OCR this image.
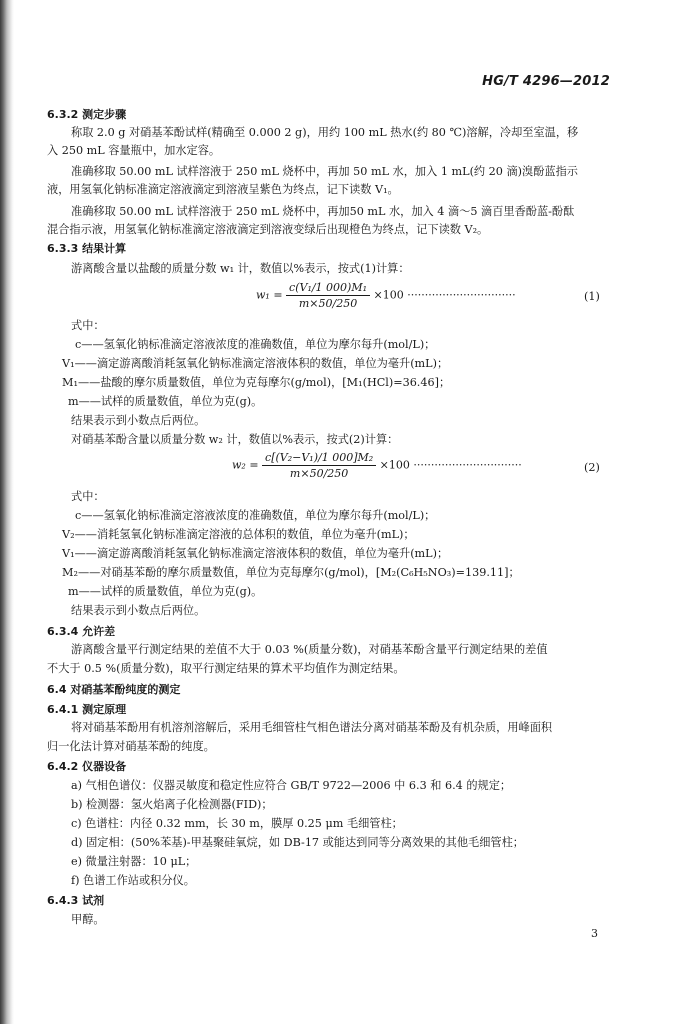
HG/T 4296—2012
6.3.2 测定步骤
称取 2.0 g 对硝基苯酚试样(精确至 0.000 2 g)，用约 100 mL 热水(约 80 ℃)溶解，冷却至室温，移
入 250 mL 容量瓶中，加水定容。
准确移取 50.00 mL 试样溶液于 250 mL 烧杯中，再加 50 mL 水，加入 1 mL(约 20 滴)溴酚蓝指示
液，用氢氧化钠标准滴定溶液滴定到溶液呈紫色为终点，记下读数 V₁。
准确移取 50.00 mL 试样溶液于 250 mL 烧杯中，再加50 mL 水，加入 4 滴～5 滴百里香酚蓝-酚酞
混合指示液，用氢氧化钠标准滴定溶液滴定到溶液变绿后出现橙色为终点，记下读数 V₂。
6.3.3 结果计算
游离酸含量以盐酸的质量分数 w₁ 计，数值以%表示，按式(1)计算：
$w_1 = \frac{\text{c(V₁/1 000)M₁}}{m\times 50/250} \times 100$ ·······························	(1)
式中：
c——氢氧化钠标准滴定溶液浓度的准确数值，单位为摩尔每升(mol/L)；
V₁——滴定游离酸消耗氢氧化钠标准滴定溶液体积的数值，单位为毫升(mL)；
M₁——盐酸的摩尔质量数值，单位为克每摩尔(g/mol)，[M₁(HCl)=36.46]；
m——试样的质量数值，单位为克(g)。
结果表示到小数点后两位。
对硝基苯酚含量以质量分数 w₂ 计，数值以%表示，按式(2)计算：
$w_2 = \frac{\text{c[(V₂−V₁)/1 000]M₂}}{m\times 50/250} \times 100$ ·······························	(2)
式中：
c——氢氧化钠标准滴定溶液浓度的准确数值，单位为摩尔每升(mol/L)；
V₂——消耗氢氧化钠标准滴定溶液的总体积的数值，单位为毫升(mL)；
V₁——滴定游离酸消耗氢氧化钠标准滴定溶液体积的数值，单位为毫升(mL)；
M₂——对硝基苯酚的摩尔质量数值，单位为克每摩尔(g/mol)，[M₂(C₆H₅NO₃)=139.11]；
m——试样的质量数值，单位为克(g)。
结果表示到小数点后两位。
6.3.4 允许差
游离酸含量平行测定结果的差值不大于 0.03 %(质量分数)，对硝基苯酚含量平行测定结果的差值
不大于 0.5 %(质量分数)，取平行测定结果的算术平均值作为测定结果。
6.4 对硝基苯酚纯度的测定
6.4.1 测定原理
将对硝基苯酚用有机溶剂溶解后，采用毛细管柱气相色谱法分离对硝基苯酚及有机杂质，用峰面积
归一化法计算对硝基苯酚的纯度。
6.4.2 仪器设备
a) 气相色谱仪：仪器灵敏度和稳定性应符合 GB/T 9722—2006 中 6.3 和 6.4 的规定；
b) 检测器：氢火焰离子化检测器(FID)；
c) 色谱柱：内径 0.32 mm，长 30 m，膜厚 0.25 μm 毛细管柱；
d) 固定相：(50%苯基)-甲基聚硅氧烷，如 DB-17 或能达到同等分离效果的其他毛细管柱；
e) 微量注射器：10 μL；
f) 色谱工作站或积分仪。
6.4.3 试剂
甲醇。
3
